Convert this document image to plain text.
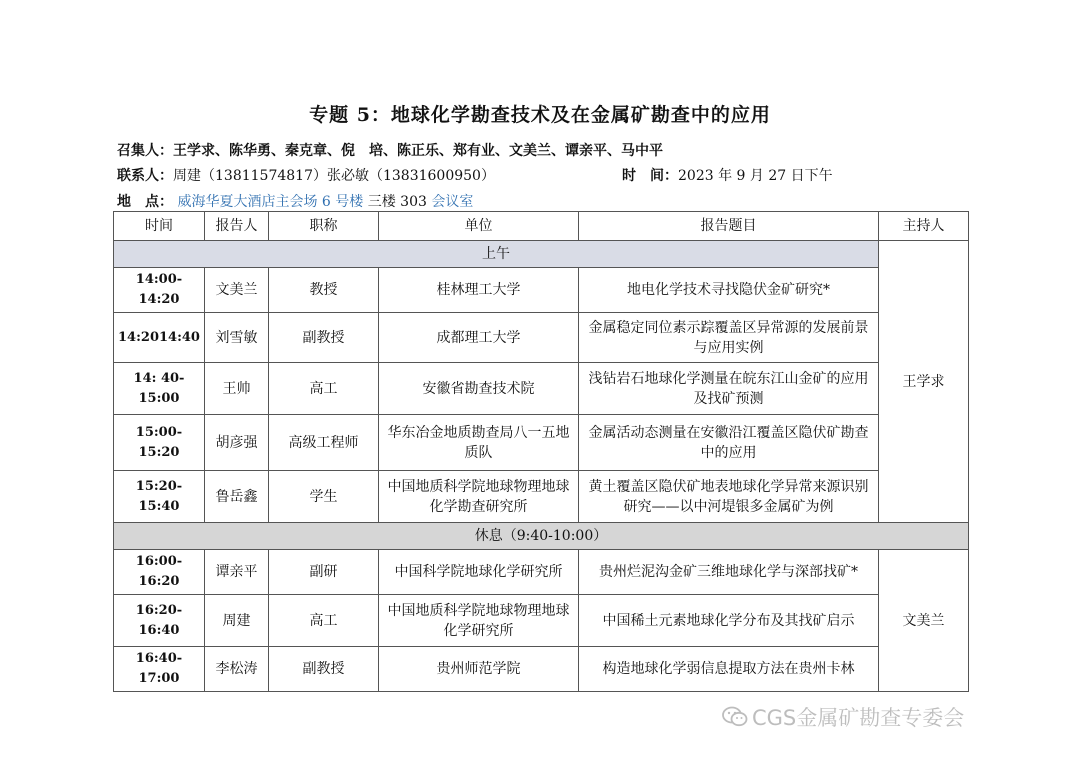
专题 5：地球化学勘查技术及在金属矿勘查中的应用
召集人：王学求、陈华勇、秦克章、倪　培、陈正乐、郑有业、文美兰、谭亲平、马中平
联系人：周建（13811574817）张必敏（13831600950）	时　间：2023 年 9 月 27 日下午
地　点： 威海华夏大酒店主会场 6 号楼 三楼 303 会议室
时间	报告人	职称	单位	报告题目	主持人
上午					王学求
14:00-14:20	文美兰	教授	桂林理工大学	地电化学技术寻找隐伏金矿研究*	
14:2014:40	刘雪敏	副教授	成都理工大学	金属稳定同位素示踪覆盖区异常源的发展前景与应用实例	
14: 40-15:00	王帅	高工	安徽省勘查技术院	浅钻岩石地球化学测量在皖东江山金矿的应用及找矿预测	
15:00-15:20	胡彦强	高级工程师	华东冶金地质勘查局八一五地质队	金属活动态测量在安徽沿江覆盖区隐伏矿勘查中的应用	
15:20-15:40	鲁岳鑫	学生	中国地质科学院地球物理地球化学勘查研究所	黄土覆盖区隐伏矿地表地球化学异常来源识别研究——以中河堤银多金属矿为例	
休息（9:40-10:00）					
16:00-16:20	谭亲平	副研	中国科学院地球化学研究所	贵州烂泥沟金矿三维地球化学与深部找矿*	文美兰
16:20-16:40	周建	高工	中国地质科学院地球物理地球化学研究所	中国稀土元素地球化学分布及其找矿启示	
16:40-17:00	李松涛	副教授	贵州师范学院	构造地球化学弱信息提取方法在贵州卡林	
CGS金属矿勘查专委会
